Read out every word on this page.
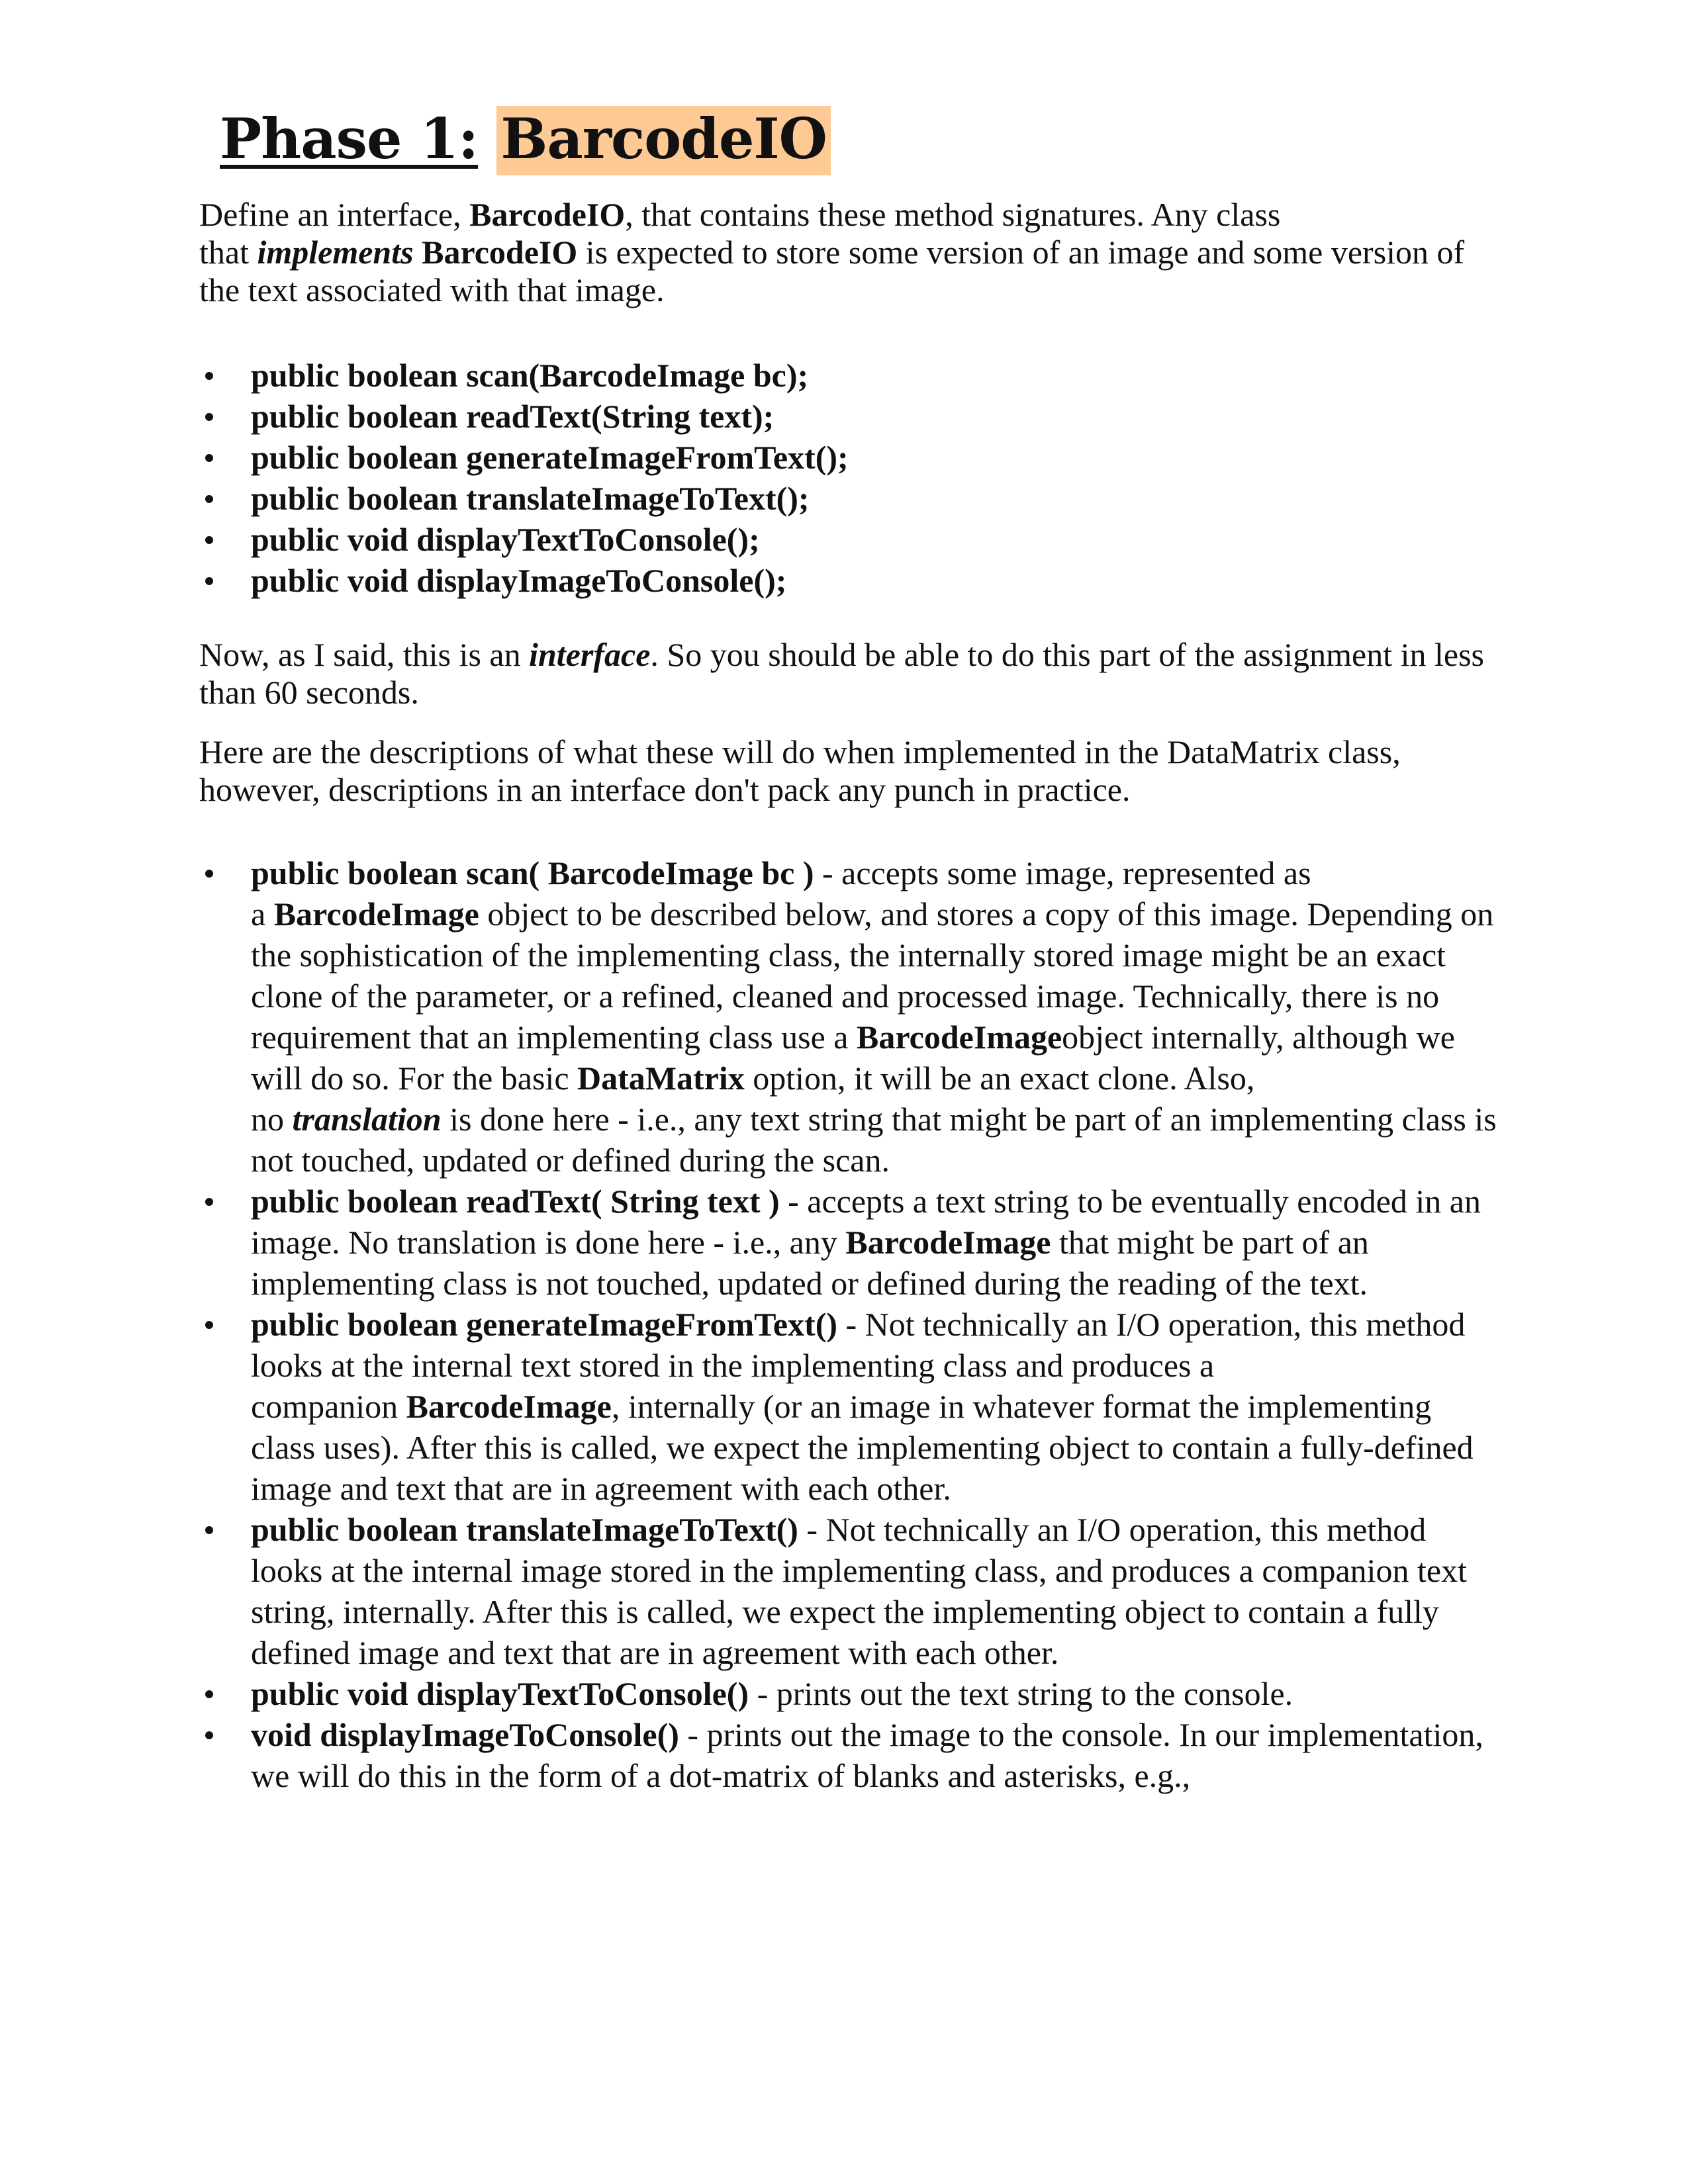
Phase 1: BarcodeIO
Define an interface, BarcodeIO, that contains these method signatures. Any class
that implements BarcodeIO is expected to store some version of an image and some version of the text associated with that image.
public boolean scan(BarcodeImage bc);
public boolean readText(String text);
public boolean generateImageFromText();
public boolean translateImageToText();
public void displayTextToConsole();
public void displayImageToConsole();
Now, as I said, this is an interface. So you should be able to do this part of the assignment in less than 60 seconds.
Here are the descriptions of what these will do when implemented in the DataMatrix class, however, descriptions in an interface don't pack any punch in practice.
public boolean scan( BarcodeImage bc ) - accepts some image, represented as
a BarcodeImage object to be described below, and stores a copy of this image. Depending on the sophistication of the implementing class, the internally stored image might be an exact clone of the parameter, or a refined, cleaned and processed image. Technically, there is no requirement that an implementing class use a BarcodeImageobject internally, although we will do so. For the basic DataMatrix option, it will be an exact clone. Also,
no translation is done here - i.e., any text string that might be part of an implementing class is not touched, updated or defined during the scan.
public boolean readText( String text ) - accepts a text string to be eventually encoded in an image. No translation is done here - i.e., any BarcodeImage that might be part of an implementing class is not touched, updated or defined during the reading of the text.
public boolean generateImageFromText() - Not technically an I/O operation, this method looks at the internal text stored in the implementing class and produces a
companion BarcodeImage, internally (or an image in whatever format the implementing class uses). After this is called, we expect the implementing object to contain a fully-defined image and text that are in agreement with each other.
public boolean translateImageToText() - Not technically an I/O operation, this method looks at the internal image stored in the implementing class, and produces a companion text string, internally. After this is called, we expect the implementing object to contain a fully defined image and text that are in agreement with each other.
public void displayTextToConsole() - prints out the text string to the console.
void displayImageToConsole() - prints out the image to the console. In our implementation, we will do this in the form of a dot-matrix of blanks and asterisks, e.g.,
